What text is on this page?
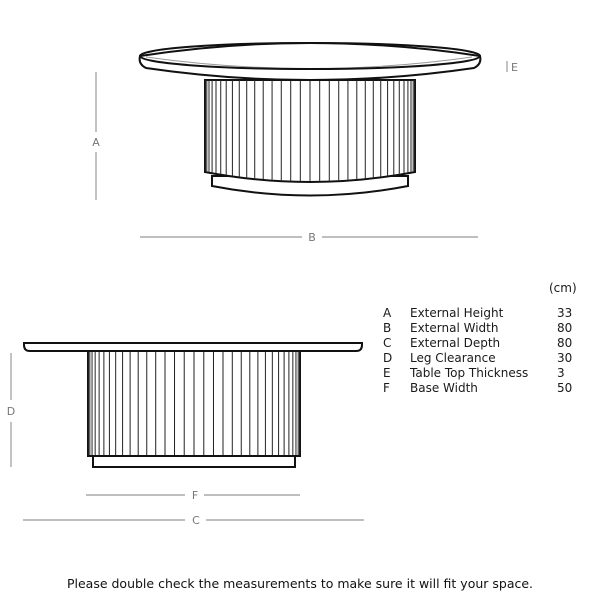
A
B
E
D
F
C
(cm)
A	External Height	33
B	External Width	80
C	External Depth	80
D	Leg Clearance	30
E	Table Top Thickness	3
F	Base Width	50
Please double check the measurements to make sure it will fit your space.
